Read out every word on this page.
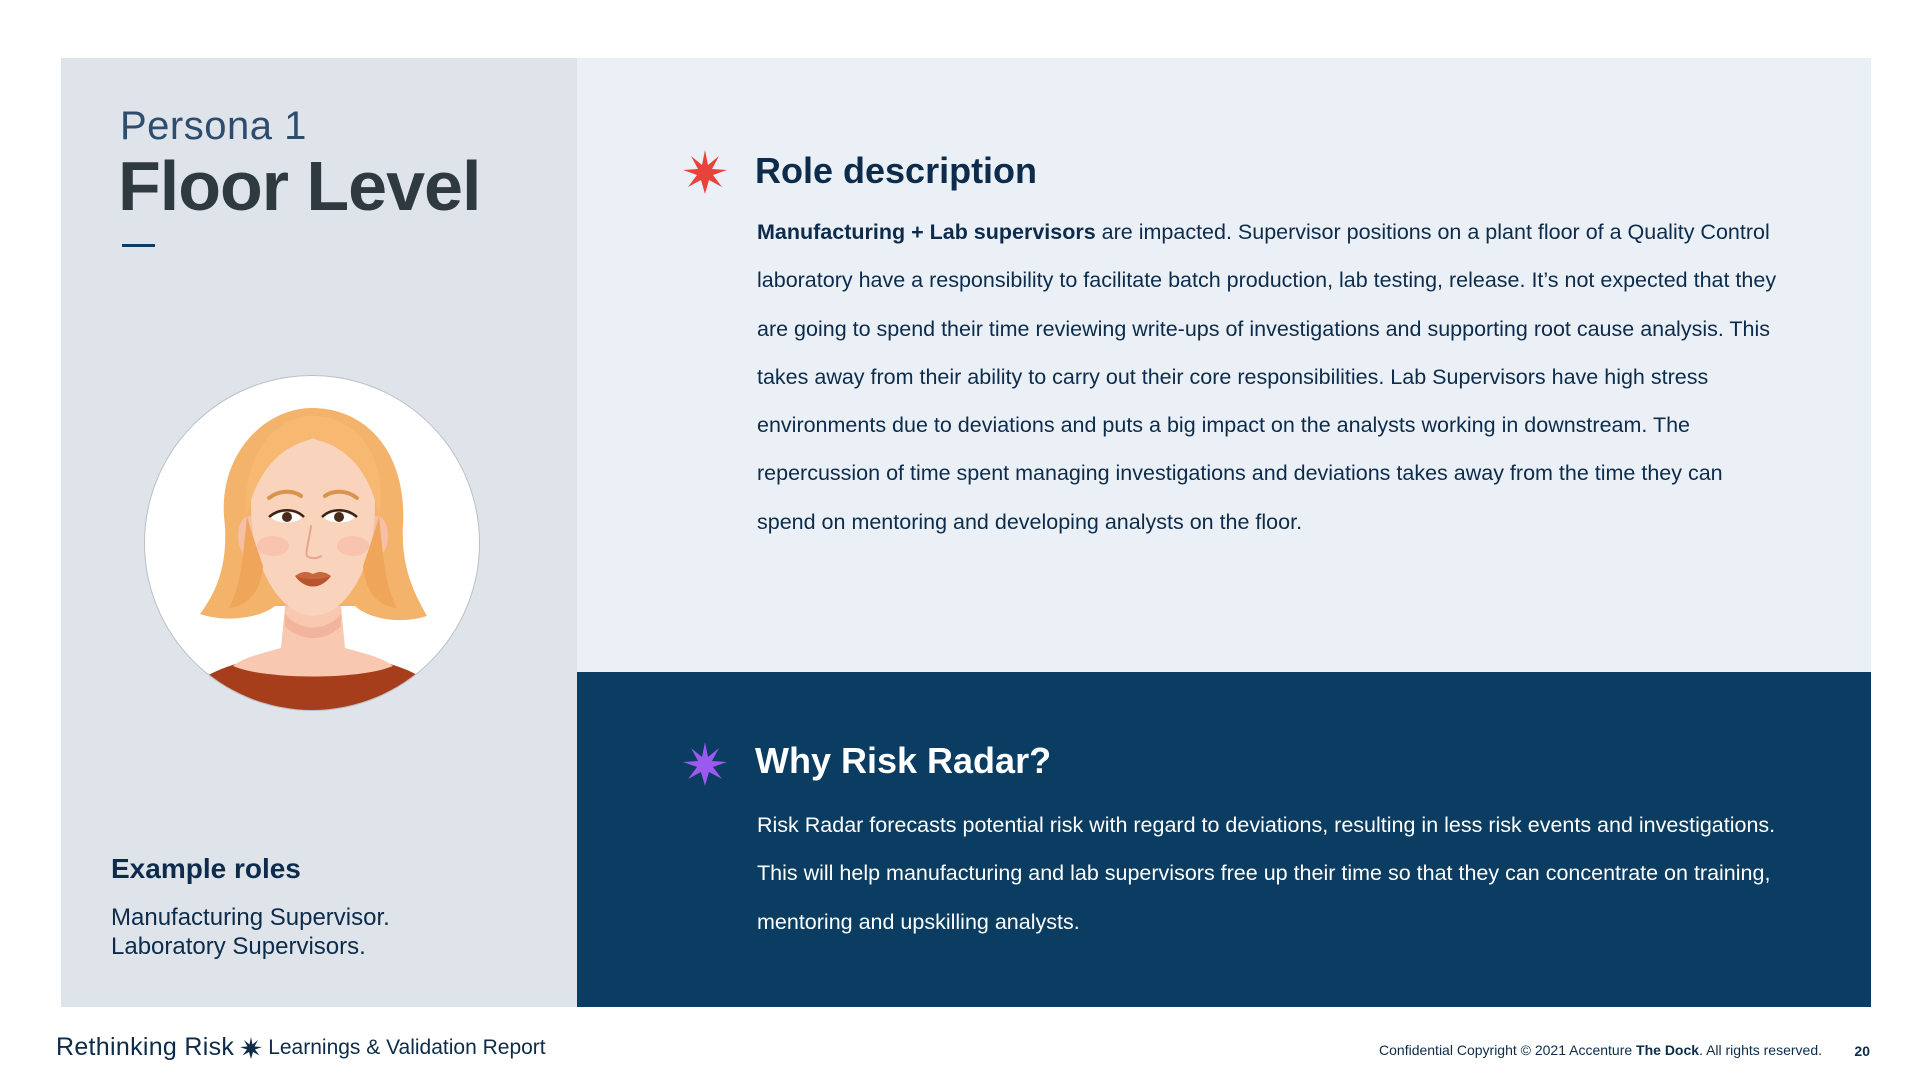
Persona 1
Floor Level
Example roles
Manufacturing Supervisor.
Laboratory Supervisors.
Role description

Manufacturing + Lab supervisors are impacted. Supervisor positions on a plant floor of a Quality Control laboratory have a responsibility to facilitate batch production, lab testing, release. It’s not expected that they are going to spend their time reviewing write-ups of investigations and supporting root cause analysis. This takes away from their ability to carry out their core responsibilities. Lab Supervisors have high stress environments due to deviations and puts a big impact on the analysts working in downstream. The repercussion of time spent managing investigations and deviations takes away from the time they can spend on mentoring and developing analysts on the floor.

Why Risk Radar?

Risk Radar forecasts potential risk with regard to deviations, resulting in less risk events and investigations. This will help manufacturing and lab supervisors free up their time so that they can concentrate on training, mentoring and upskilling analysts.

Rethinking Risk Learnings & Validation Report	Confidential Copyright © 2021 Accenture The Dock. All rights reserved. 20
